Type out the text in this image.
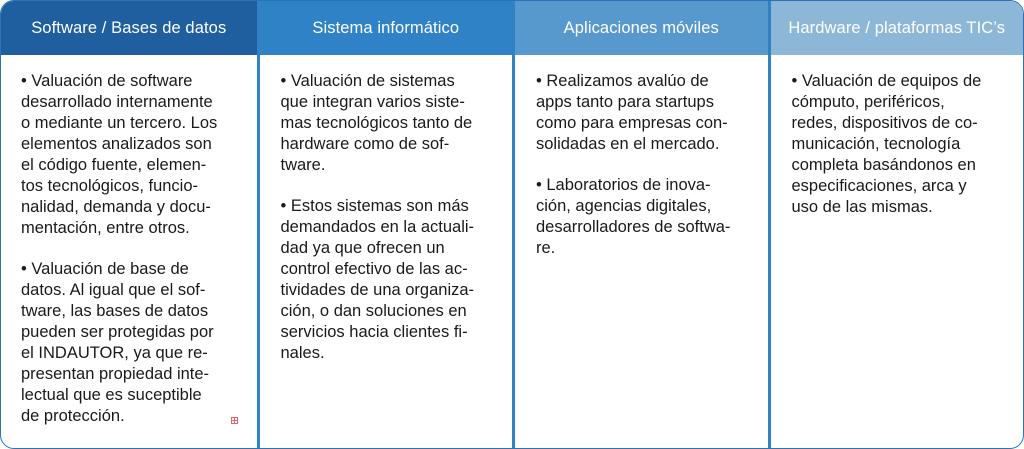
Software / Bases de datos

• Valuación de software
desarrollado internamente
o mediante un tercero. Los
elementos analizados son
el código fuente, elemen-
tos tecnológicos, funcio-
nalidad, demanda y docu-
mentación, entre otros.

• Valuación de base de
datos. Al igual que el sof-
tware, las bases de datos
pueden ser protegidas por
el INDAUTOR, ya que re-
presentan propiedad inte-
lectual que es suceptible
de protección.

Sistema informático

• Valuación de sistemas
que integran varios siste-
mas tecnológicos tanto de
hardware como de sof-
tware.

• Estos sistemas son más
demandados en la actuali-
dad ya que ofrecen un
control efectivo de las ac-
tividades de una organiza-
ción, o dan soluciones en
servicios hacia clientes fi-
nales.

Aplicaciones móviles

• Realizamos avalúo de
apps tanto para startups
como para empresas con-
solidadas en el mercado.

• Laboratorios de inova-
ción, agencias digitales,
desarrolladores de softwa-
re.

Hardware / plataformas TIC’s

• Valuación de equipos de
cómputo, periféricos,
redes, dispositivos de co-
municación, tecnología
completa basándonos en
especificaciones, arca y
uso de las mismas.
